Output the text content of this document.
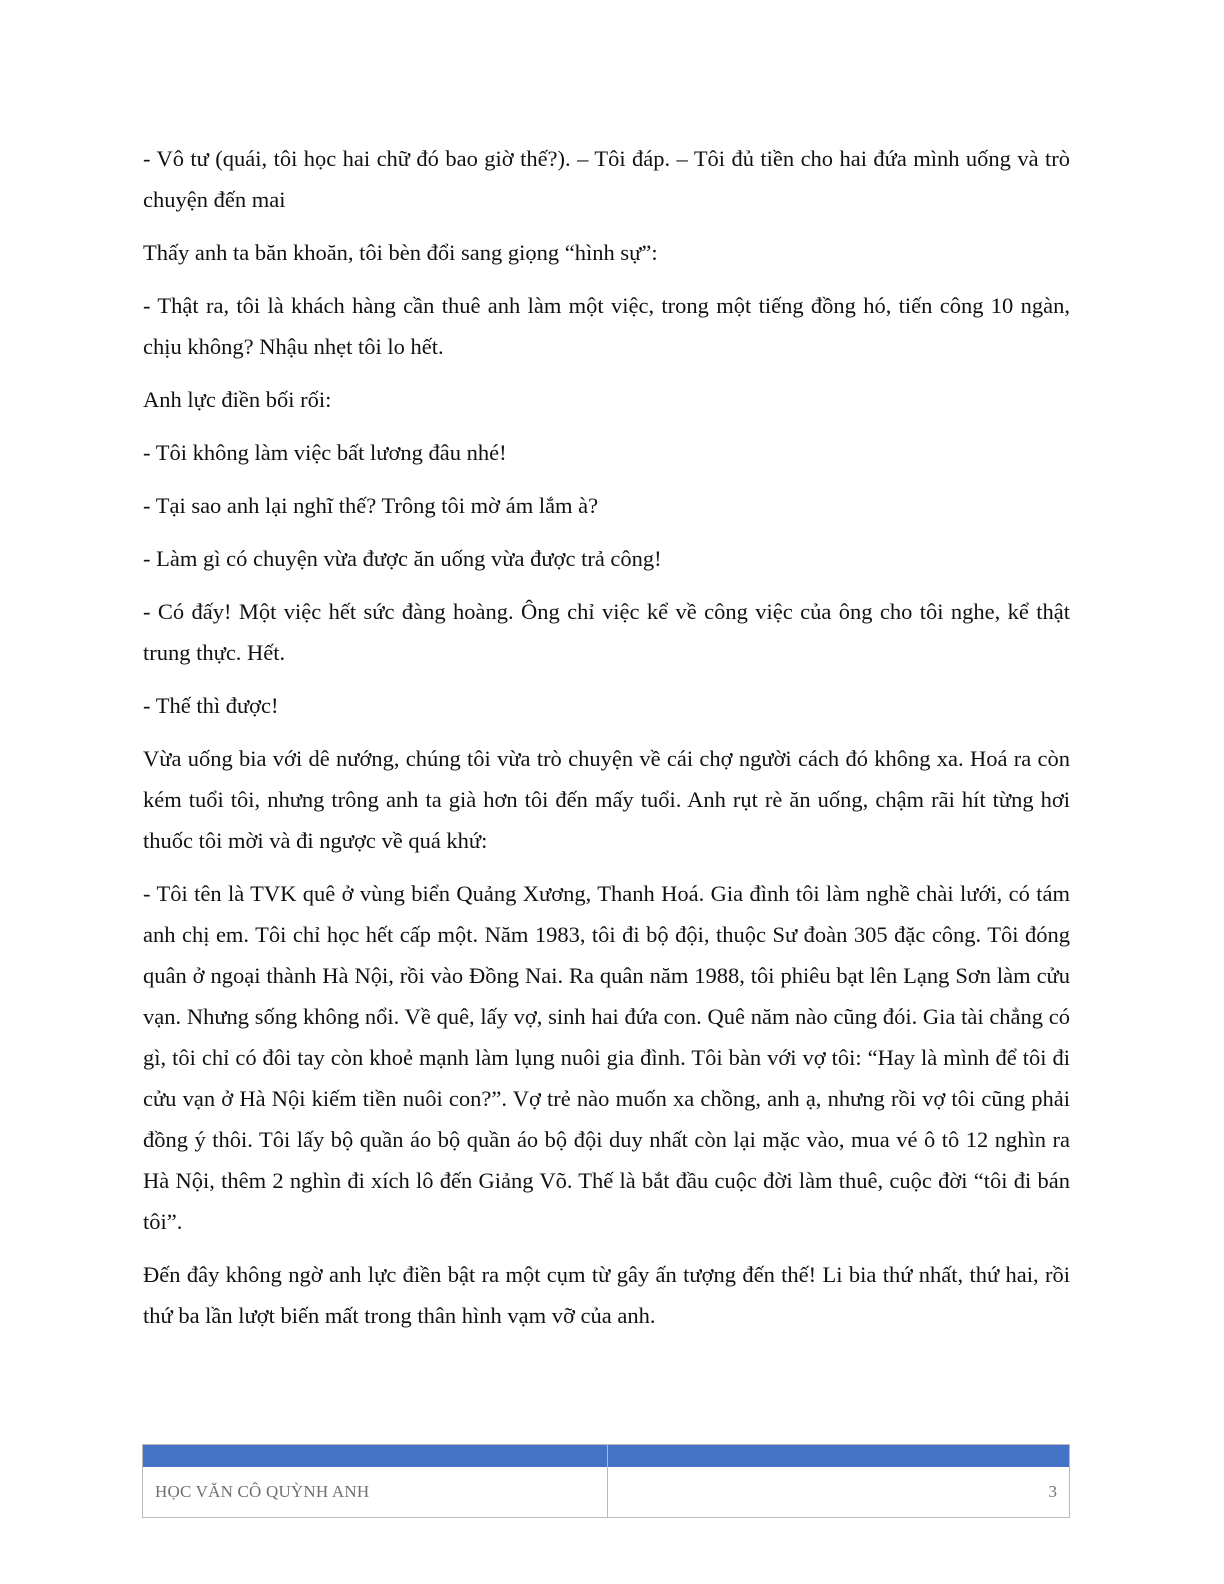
- Vô tư (quái, tôi học hai chữ đó bao giờ thế?). – Tôi đáp. – Tôi đủ tiền cho hai đứa mình uống và trò chuyện đến mai

Thấy anh ta băn khoăn, tôi bèn đổi sang giọng “hình sự”:

- Thật ra, tôi là khách hàng cần thuê anh làm một việc, trong một tiếng đồng hó, tiến công 10 ngàn, chịu không? Nhậu nhẹt tôi lo hết.

Anh lực điền bối rối:

- Tôi không làm việc bất lương đâu nhé!

- Tại sao anh lại nghĩ thế? Trông tôi mờ ám lắm à?

- Làm gì có chuyện vừa được ăn uống vừa được trả công!

- Có đấy! Một việc hết sức đàng hoàng. Ông chỉ việc kể về công việc của ông cho tôi nghe, kể thật trung thực. Hết.

- Thế thì được!

Vừa uống bia với dê nướng, chúng tôi vừa trò chuyện về cái chợ người cách đó không xa. Hoá ra còn kém tuổi tôi, nhưng trông anh ta già hơn tôi đến mấy tuổi. Anh rụt rè ăn uống, chậm rãi hít từng hơi thuốc tôi mời và đi ngược về quá khứ:

- Tôi tên là TVK quê ở vùng biển Quảng Xương, Thanh Hoá. Gia đình tôi làm nghề chài lưới, có tám anh chị em. Tôi chỉ học hết cấp một. Năm 1983, tôi đi bộ đội, thuộc Sư đoàn 305 đặc công. Tôi đóng quân ở ngoại thành Hà Nội, rồi vào Đồng Nai. Ra quân năm 1988, tôi phiêu bạt lên Lạng Sơn làm cửu vạn. Nhưng sống không nổi. Về quê, lấy vợ, sinh hai đứa con. Quê năm nào cũng đói. Gia tài chẳng có gì, tôi chỉ có đôi tay còn khoẻ mạnh làm lụng nuôi gia đình. Tôi bàn với vợ tôi: “Hay là mình để tôi đi cửu vạn ở Hà Nội kiếm tiền nuôi con?”. Vợ trẻ nào muốn xa chồng, anh ạ, nhưng rồi vợ tôi cũng phải đồng ý thôi. Tôi lấy bộ quần áo bộ quần áo bộ đội duy nhất còn lại mặc vào, mua vé ô tô 12 nghìn ra Hà Nội, thêm 2 nghìn đi xích lô đến Giảng Võ. Thế là bắt đầu cuộc đời làm thuê, cuộc đời “tôi đi bán tôi”.

Đến đây không ngờ anh lực điền bật ra một cụm từ gây ấn tượng đến thế! Li bia thứ nhất, thứ hai, rồi thứ ba lần lượt biến mất trong thân hình vạm vỡ của anh.

HỌC VĂN CÔ QUỲNH ANH	3
